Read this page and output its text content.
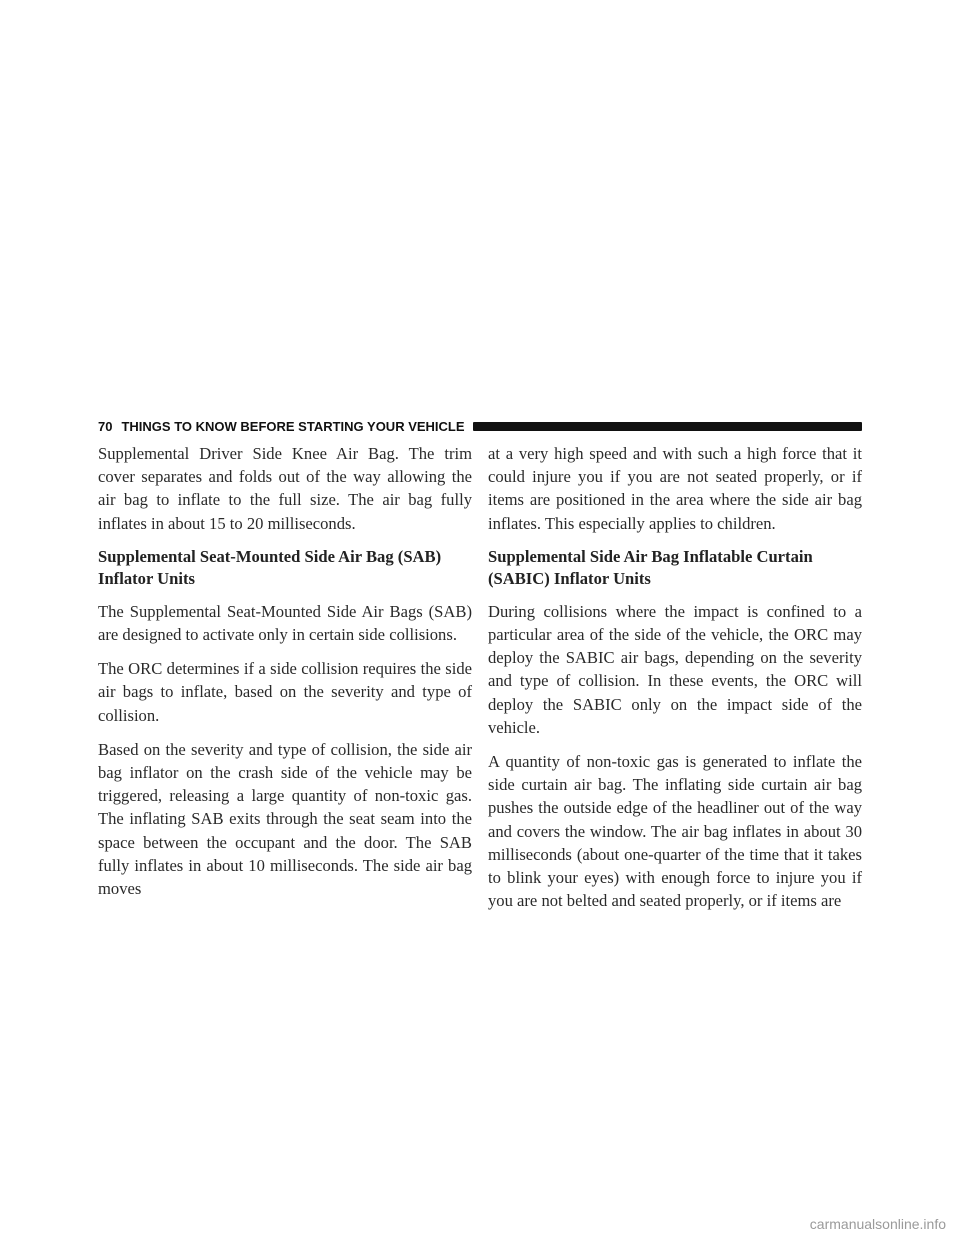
70 THINGS TO KNOW BEFORE STARTING YOUR VEHICLE

Supplemental Driver Side Knee Air Bag. The trim cover separates and folds out of the way allowing the air bag to inflate to the full size. The air bag fully inflates in about 15 to 20 milliseconds.

Supplemental Seat-Mounted Side Air Bag (SAB) Inflator Units

The Supplemental Seat-Mounted Side Air Bags (SAB) are designed to activate only in certain side collisions.

The ORC determines if a side collision requires the side air bags to inflate, based on the severity and type of collision.

Based on the severity and type of collision, the side air bag inflator on the crash side of the vehicle may be triggered, releasing a large quantity of non-toxic gas. The inflating SAB exits through the seat seam into the space between the occupant and the door. The SAB fully inflates in about 10 milliseconds. The side air bag moves

at a very high speed and with such a high force that it could injure you if you are not seated properly, or if items are positioned in the area where the side air bag inflates. This especially applies to children.

Supplemental Side Air Bag Inflatable Curtain (SABIC) Inflator Units

During collisions where the impact is confined to a particular area of the side of the vehicle, the ORC may deploy the SABIC air bags, depending on the severity and type of collision. In these events, the ORC will deploy the SABIC only on the impact side of the vehicle.

A quantity of non-toxic gas is generated to inflate the side curtain air bag. The inflating side curtain air bag pushes the outside edge of the headliner out of the way and covers the window. The air bag inflates in about 30 milliseconds (about one-quarter of the time that it takes to blink your eyes) with enough force to injure you if you are not belted and seated properly, or if items are

carmanualsonline.info
